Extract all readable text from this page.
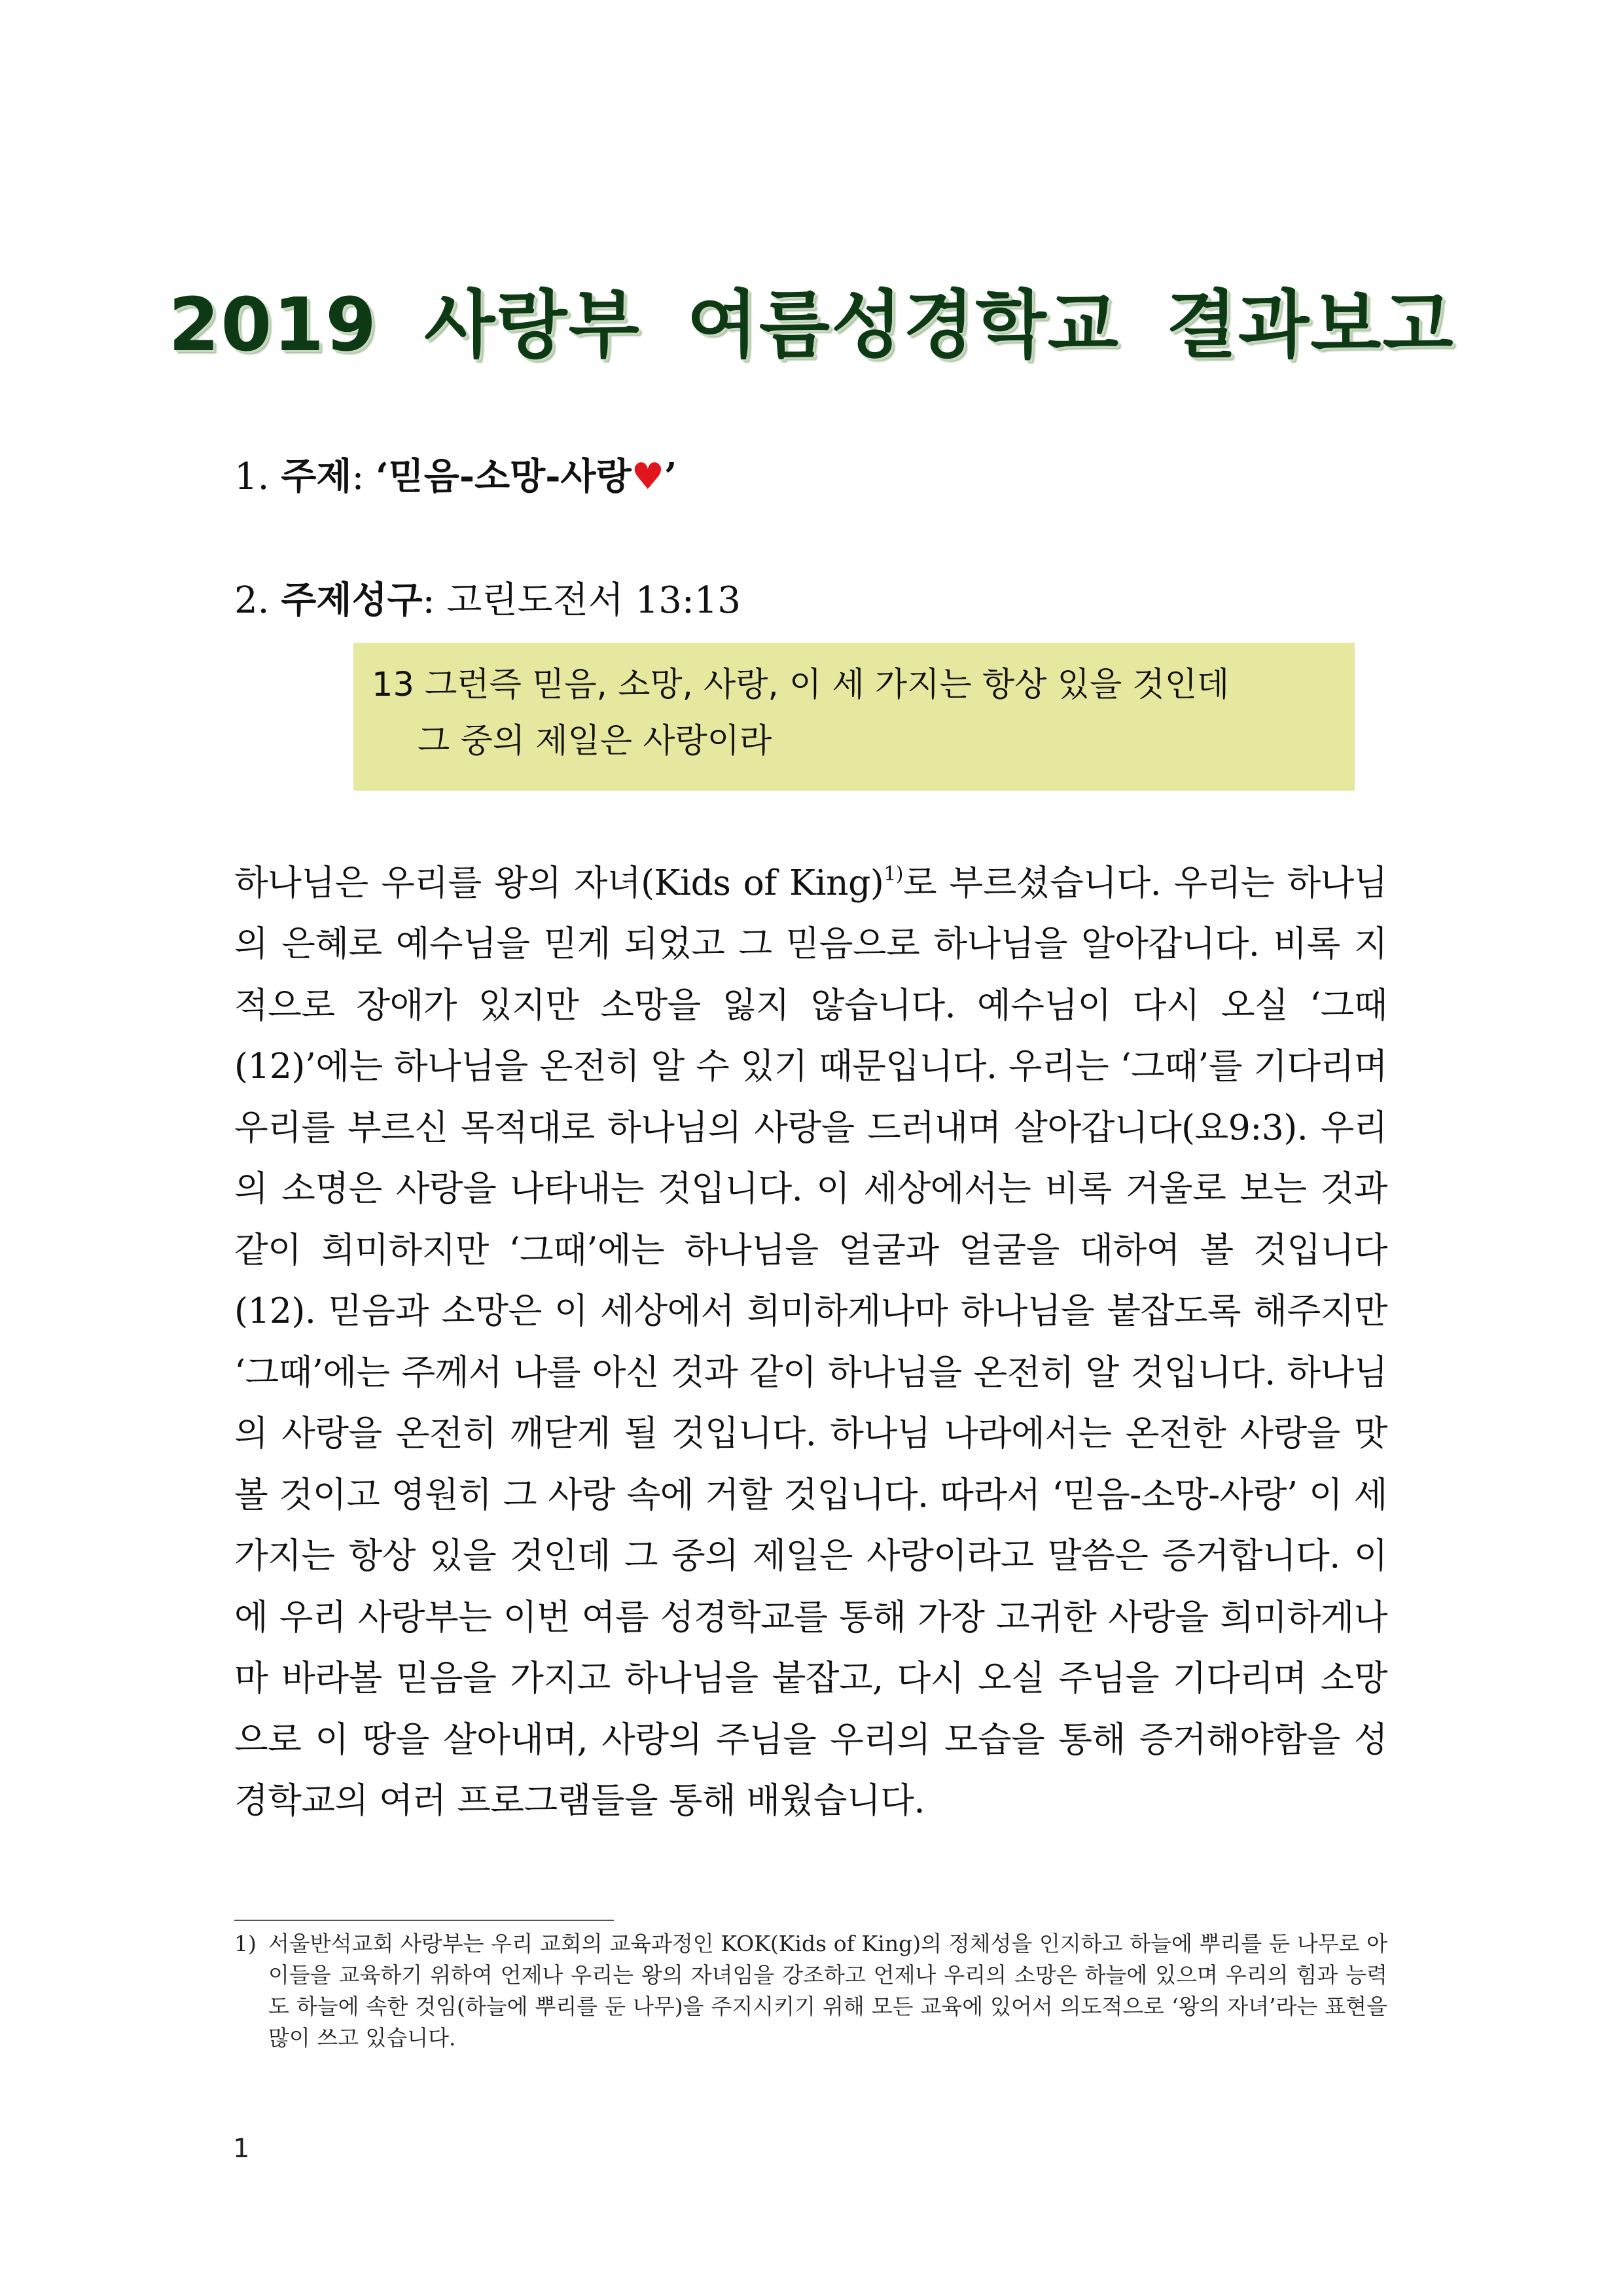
2019 사랑부 여름성경학교 결과보고
1. 주제: ‘믿음-소망-사랑♥’
2. 주제성구: 고린도전서 13:13
13 그런즉 믿음, 소망, 사랑, 이 세 가지는 항상 있을 것인데
그 중의 제일은 사랑이라

하나님은 우리를 왕의 자녀(Kids of King)$^{1)}$로 부르셨습니다. 우리는 하나님의 은혜로 예수님을 믿게 되었고 그 믿음으로 하나님을 알아갑니다. 비록 지적으로 장애가 있지만 소망을 잃지 않습니다. 예수님이 다시 오실 ‘그때(12)’에는 하나님을 온전히 알 수 있기 때문입니다. 우리는 ‘그때’를 기다리며 우리를 부르신 목적대로 하나님의 사랑을 드러내며 살아갑니다(요9:3). 우리의 소명은 사랑을 나타내는 것입니다. 이 세상에서는 비록 거울로 보는 것과 같이 희미하지만 ‘그때’에는 하나님을 얼굴과 얼굴을 대하여 볼 것입니다(12). 믿음과 소망은 이 세상에서 희미하게나마 하나님을 붙잡도록 해주지만 ‘그때’에는 주께서 나를 아신 것과 같이 하나님을 온전히 알 것입니다. 하나님의 사랑을 온전히 깨닫게 될 것입니다. 하나님 나라에서는 온전한 사랑을 맛볼 것이고 영원히 그 사랑 속에 거할 것입니다. 따라서 ‘믿음-소망-사랑’ 이 세 가지는 항상 있을 것인데 그 중의 제일은 사랑이라고 말씀은 증거합니다. 이에 우리 사랑부는 이번 여름 성경학교를 통해 가장 고귀한 사랑을 희미하게나마 바라볼 믿음을 가지고 하나님을 붙잡고, 다시 오실 주님을 기다리며 소망으로 이 땅을 살아내며, 사랑의 주님을 우리의 모습을 통해 증거해야함을 성경학교의 여러 프로그램들을 통해 배웠습니다.

1) 서울반석교회 사랑부는 우리 교회의 교육과정인 KOK(Kids of King)의 정체성을 인지하고 하늘에 뿌리를 둔 나무로 아이들을 교육하기 위하여 언제나 우리는 왕의 자녀임을 강조하고 언제나 우리의 소망은 하늘에 있으며 우리의 힘과 능력도 하늘에 속한 것임(하늘에 뿌리를 둔 나무)을 주지시키기 위해 모든 교육에 있어서 의도적으로 ‘왕의 자녀’라는 표현을 많이 쓰고 있습니다.
1
